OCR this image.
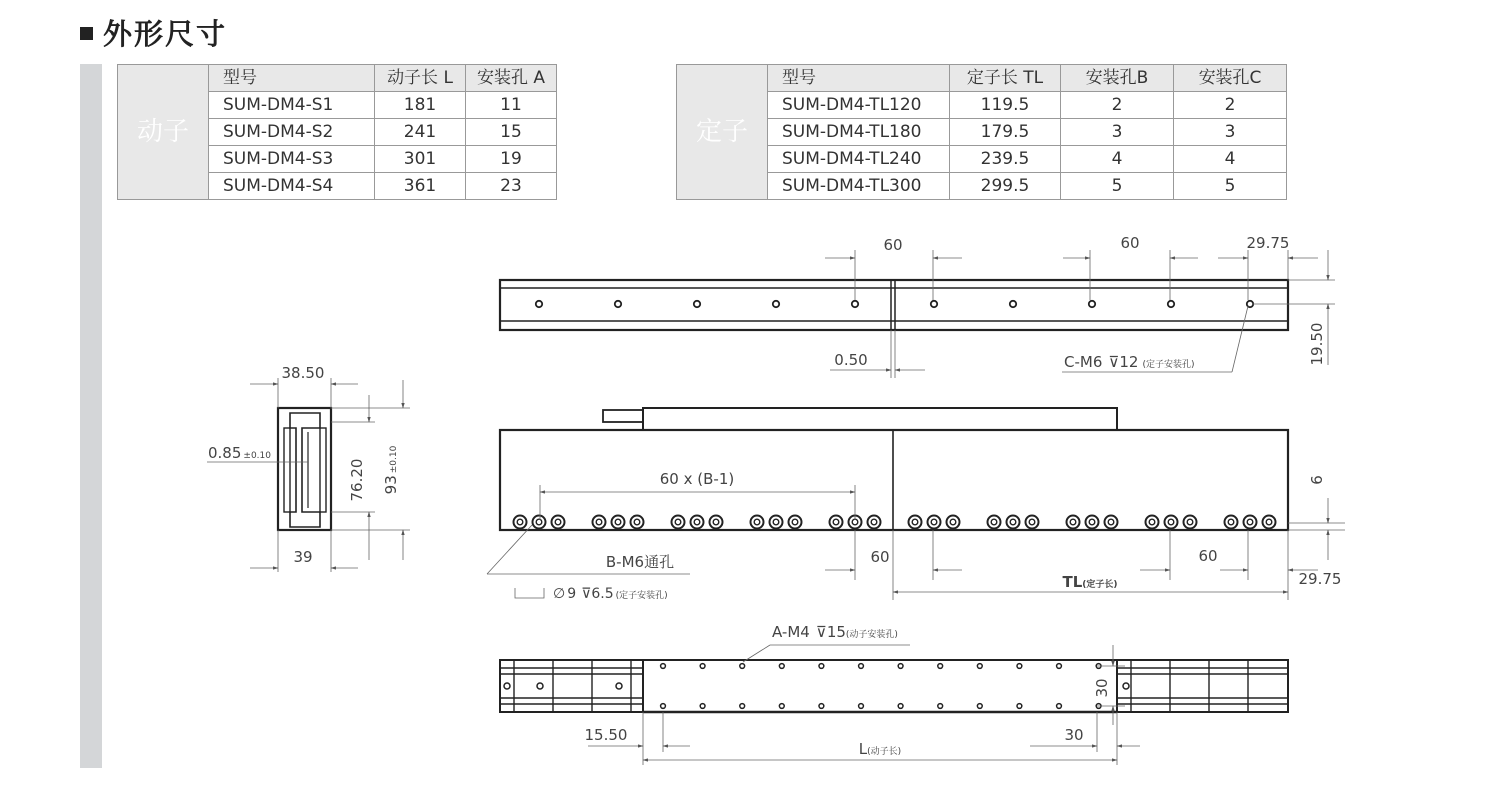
外形尺寸
动子	型号	动子长 L	安装孔 A
	SUM-DM4-S1	181	11
	SUM-DM4-S2	241	15
	SUM-DM4-S3	301	19
	SUM-DM4-S4	361	23
定子	型号	定子长 TL	安装孔B	安装孔C
	SUM-DM4-TL120	119.5	2	2
	SUM-DM4-TL180	179.5	3	3
	SUM-DM4-TL240	239.5	4	4
	SUM-DM4-TL300	299.5	5	5
60	60	29.75
0.50	19.50
C-M6 ⊽12 (定子安装孔)
38.50
39
0.85 ±0.10
76.20 93±0.10
60 x (B-1)	6
B-M6通孔
∅ 9 ⊽6.5 (定子安装孔)
60	60
29.75
TL(定子长)
A-M4 ⊽15(动子安装孔)
15.50	30
30
L(动子长)
